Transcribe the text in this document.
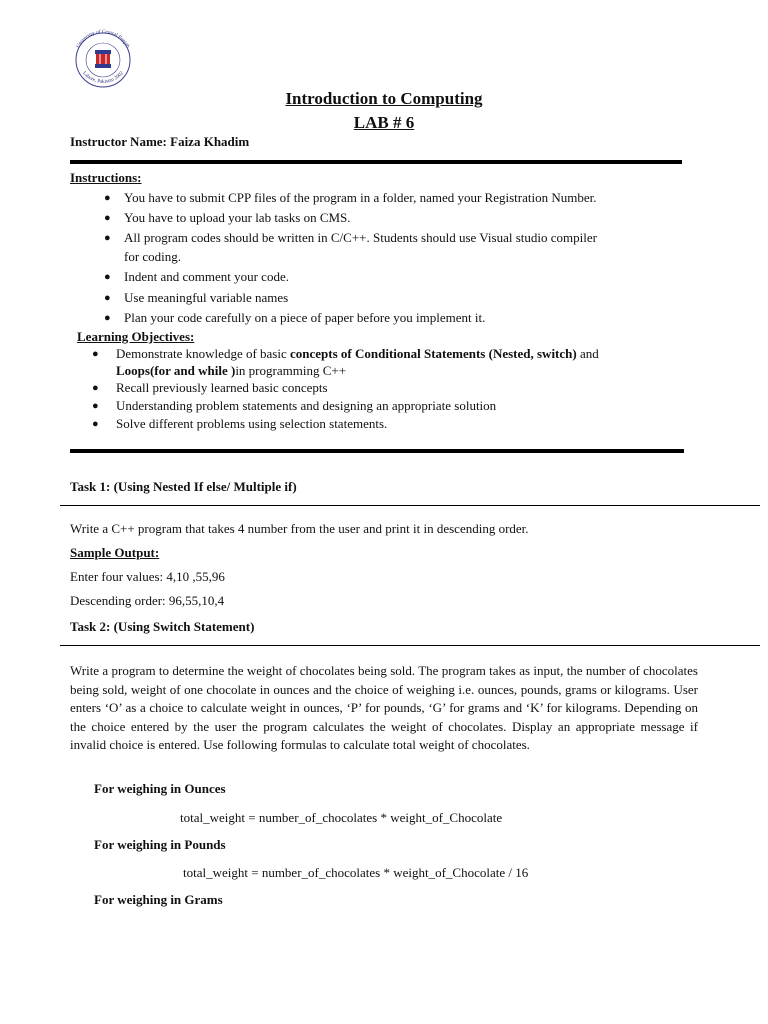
University of Central Punjab
Lahore, Pakistan 2002
Introduction to Computing
LAB # 6
Instructor Name: Faiza Khadim
Instructions:
● You have to submit CPP files of the program in a folder, named your Registration Number.
● You have to upload your lab tasks on CMS.
● All program codes should be written in C/C++. Students should use Visual studio compiler
for coding.
● Indent and comment your code.
● Use meaningful variable names
● Plan your code carefully on a piece of paper before you implement it.
Learning Objectives:
● Demonstrate knowledge of basic concepts of Conditional Statements (Nested, switch) and
Loops(for and while )in programming C++
● Recall previously learned basic concepts
● Understanding problem statements and designing an appropriate solution
● Solve different problems using selection statements.
Task 1: (Using Nested If else/ Multiple if)
Write a C++ program that takes 4 number from the user and print it in descending order.
Sample Output:
Enter four values: 4,10 ,55,96
Descending order: 96,55,10,4
Task 2: (Using Switch Statement)
Write a program to determine the weight of chocolates being sold. The program takes as input, the number of chocolates being sold, weight of one chocolate in ounces and the choice of weighing i.e. ounces, pounds, grams or kilograms. User enters ‘O’ as a choice to calculate weight in ounces, ‘P’ for pounds, ‘G’ for grams and ‘K’ for kilograms. Depending on the choice entered by the user the program calculates the weight of chocolates. Display an appropriate message if invalid choice is entered. Use following formulas to calculate total weight of chocolates.
For weighing in Ounces
total_weight = number_of_chocolates * weight_of_Chocolate
For weighing in Pounds
total_weight = number_of_chocolates * weight_of_Chocolate / 16
For weighing in Grams
